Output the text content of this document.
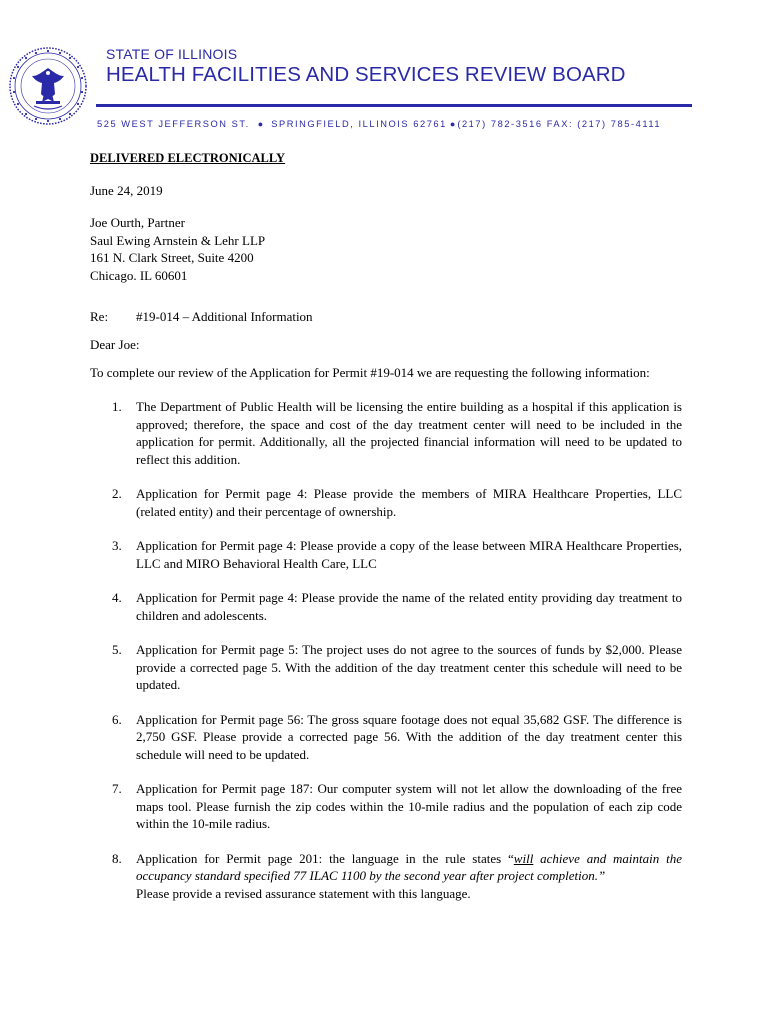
STATE OF ILLINOIS
HEALTH FACILITIES AND SERVICES REVIEW BOARD
525 WEST JEFFERSON ST. ● SPRINGFIELD, ILLINOIS 62761 ● (217) 782-3516 FAX: (217) 785-4111
DELIVERED ELECTRONICALLY
June 24, 2019
Joe Ourth, Partner
Saul Ewing Arnstein & Lehr LLP
161 N. Clark Street, Suite 4200
Chicago. IL 60601
Re: #19-014 – Additional Information
Dear Joe:
To complete our review of the Application for Permit #19-014 we are requesting the following information:
1. The Department of Public Health will be licensing the entire building as a hospital if this application is approved; therefore, the space and cost of the day treatment center will need to be included in the application for permit. Additionally, all the projected financial information will need to be updated to reflect this addition.
2. Application for Permit page 4: Please provide the members of MIRA Healthcare Properties, LLC (related entity) and their percentage of ownership.
3. Application for Permit page 4: Please provide a copy of the lease between MIRA Healthcare Properties, LLC and MIRO Behavioral Health Care, LLC
4. Application for Permit page 4: Please provide the name of the related entity providing day treatment to children and adolescents.
5. Application for Permit page 5: The project uses do not agree to the sources of funds by $2,000. Please provide a corrected page 5. With the addition of the day treatment center this schedule will need to be updated.
6. Application for Permit page 56: The gross square footage does not equal 35,682 GSF. The difference is 2,750 GSF. Please provide a corrected page 56. With the addition of the day treatment center this schedule will need to be updated.
7. Application for Permit page 187: Our computer system will not let allow the downloading of the free maps tool. Please furnish the zip codes within the 10-mile radius and the population of each zip code within the 10-mile radius.
8. Application for Permit page 201: the language in the rule states “will achieve and maintain the occupancy standard specified 77 ILAC 1100 by the second year after project completion.”
Please provide a revised assurance statement with this language.
